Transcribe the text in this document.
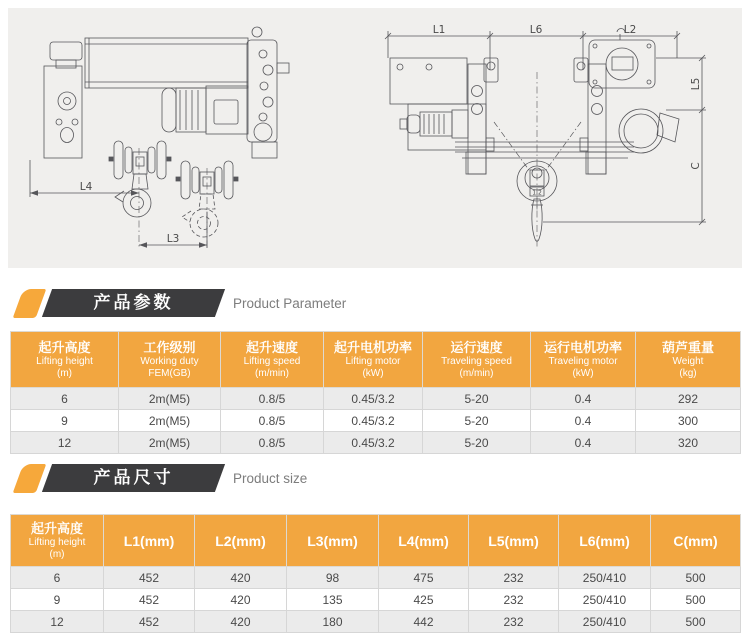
L4
L3
L1	L6	L2
L5
C
1.2
产品参数	Product Parameter
起升高度
Lifting height
(m)	工作级别
Working duty
FEM(GB)	起升速度
Lifting speed
(m/min)	起升电机功率
Lifting motor
(kW)	运行速度
Traveling speed
(m/min)	运行电机功率
Traveling motor
(kW)	葫芦重量
Weight
(kg)

6	2m(M5)	0.8/5	0.45/3.2	5-20	0.4	292
9	2m(M5)	0.8/5	0.45/3.2	5-20	0.4	300
12	2m(M5)	0.8/5	0.45/3.2	5-20	0.4	320
产品尺寸	Product size
起升高度
Lifting height
(m)	L1(mm)	L2(mm)	L3(mm)	L4(mm)	L5(mm)	L6(mm)	C(mm)
6	452	420	98	475	232	250/410	500
9	452	420	135	425	232	250/410	500
12	452	420	180	442	232	250/410	500
